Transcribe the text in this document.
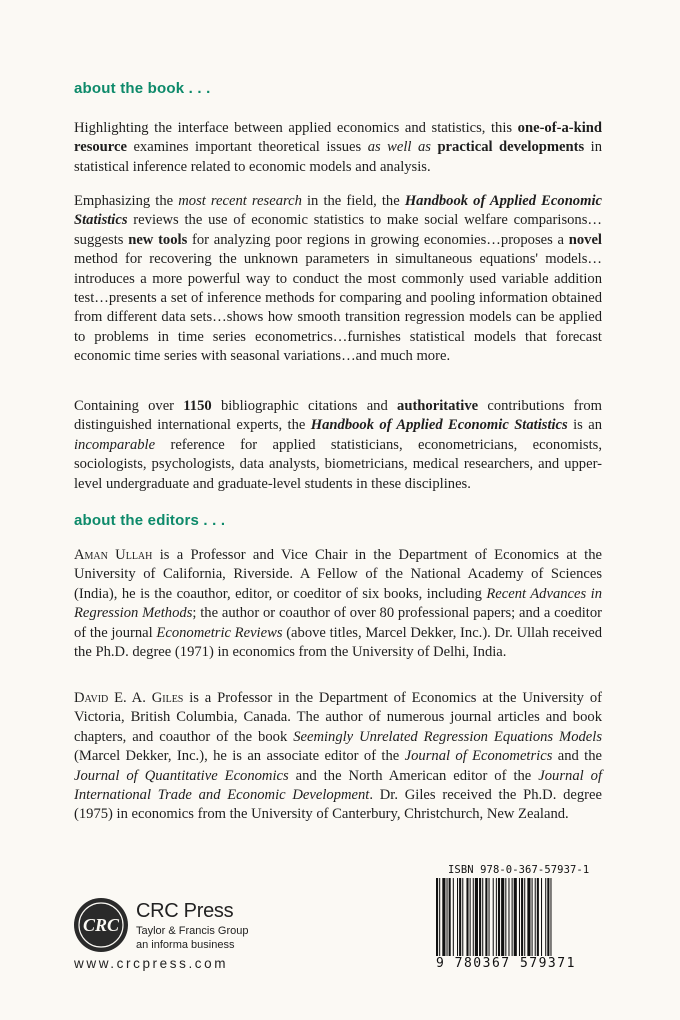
about the book . . .

Highlighting the interface between applied economics and statistics, this one-of-a-kind resource examines important theoretical issues as well as practical developments in statistical inference related to economic models and analysis.

Emphasizing the most recent research in the field, the Handbook of Applied Economic Statistics reviews the use of economic statistics to make social welfare comparisons…suggests new tools for analyzing poor regions in growing economies…proposes a novel method for recovering the unknown parameters in simultaneous equations' models…introduces a more powerful way to conduct the most commonly used variable addition test…presents a set of inference methods for comparing and pooling information obtained from different data sets…shows how smooth transition regression models can be applied to problems in time series econometrics…furnishes statistical models that forecast economic time series with seasonal variations…and much more.

Containing over 1150 bibliographic citations and authoritative contributions from distinguished international experts, the Handbook of Applied Economic Statistics is an incomparable reference for applied statisticians, econometricians, economists, sociologists, psychologists, data analysts, biometricians, medical researchers, and upper-level undergraduate and graduate-level students in these disciplines.

about the editors . . .

Aman Ullah is a Professor and Vice Chair in the Department of Economics at the University of California, Riverside. A Fellow of the National Academy of Sciences (India), he is the coauthor, editor, or coeditor of six books, including Recent Advances in Regression Methods; the author or coauthor of over 80 professional papers; and a coeditor of the journal Econometric Reviews (above titles, Marcel Dekker, Inc.). Dr. Ullah received the Ph.D. degree (1971) in economics from the University of Delhi, India.

David E. A. Giles is a Professor in the Department of Economics at the University of Victoria, British Columbia, Canada. The author of numerous journal articles and book chapters, and coauthor of the book Seemingly Unrelated Regression Equations Models (Marcel Dekker, Inc.), he is an associate editor of the Journal of Econometrics and the Journal of Quantitative Economics and the North American editor of the Journal of International Trade and Economic Development. Dr. Giles received the Ph.D. degree (1975) in economics from the University of Canterbury, Christchurch, New Zealand.

CRC
CRC Press
Taylor & Francis Group
an informa business
www.crcpress.com
ISBN 978-0-367-57937-1
9 780367 579371
